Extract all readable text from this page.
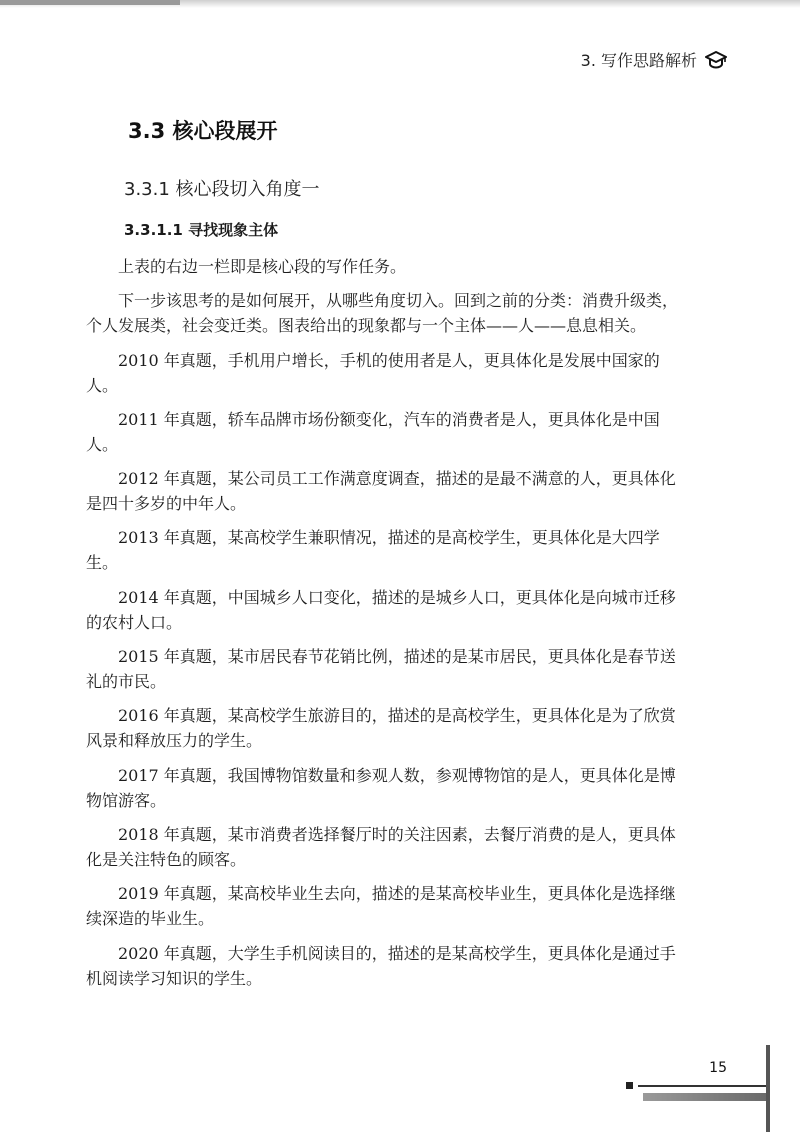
3. 写作思路解析
3.3 核心段展开
3.3.1 核心段切入角度一
3.3.1.1 寻找现象主体

上表的右边一栏即是核心段的写作任务。

下一步该思考的是如何展开，从哪些角度切入。回到之前的分类：消费升级类，个人发展类，社会变迁类。图表给出的现象都与一个主体——人——息息相关。

2010 年真题，手机用户增长，手机的使用者是人，更具体化是发展中国家的人。

2011 年真题，轿车品牌市场份额变化，汽车的消费者是人，更具体化是中国人。

2012 年真题，某公司员工工作满意度调查，描述的是最不满意的人，更具体化是四十多岁的中年人。

2013 年真题，某高校学生兼职情况，描述的是高校学生，更具体化是大四学生。

2014 年真题，中国城乡人口变化，描述的是城乡人口，更具体化是向城市迁移的农村人口。

2015 年真题，某市居民春节花销比例，描述的是某市居民，更具体化是春节送礼的市民。

2016 年真题，某高校学生旅游目的，描述的是高校学生，更具体化是为了欣赏风景和释放压力的学生。

2017 年真题，我国博物馆数量和参观人数，参观博物馆的是人，更具体化是博物馆游客。

2018 年真题，某市消费者选择餐厅时的关注因素，去餐厅消费的是人，更具体化是关注特色的顾客。

2019 年真题，某高校毕业生去向，描述的是某高校毕业生，更具体化是选择继续深造的毕业生。

2020 年真题，大学生手机阅读目的，描述的是某高校学生，更具体化是通过手机阅读学习知识的学生。

15
